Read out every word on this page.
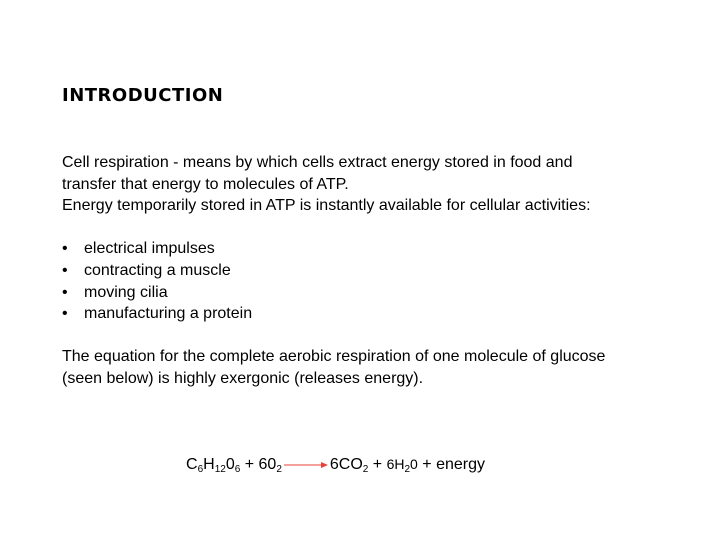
introduction

Cell respiration - means by which cells extract energy stored in food and transfer that energy to molecules of ATP.

Energy temporarily stored in ATP is instantly available for cellular activities:

• electrical impulses
• contracting a muscle
• moving cilia
• manufacturing a protein

The equation for the complete aerobic respiration of one molecule of glucose (seen below) is highly exergonic (releases energy).

$C_6H_{12}0_6 + 60_2 \to 6CO_2 + 6H_20$ + energy
